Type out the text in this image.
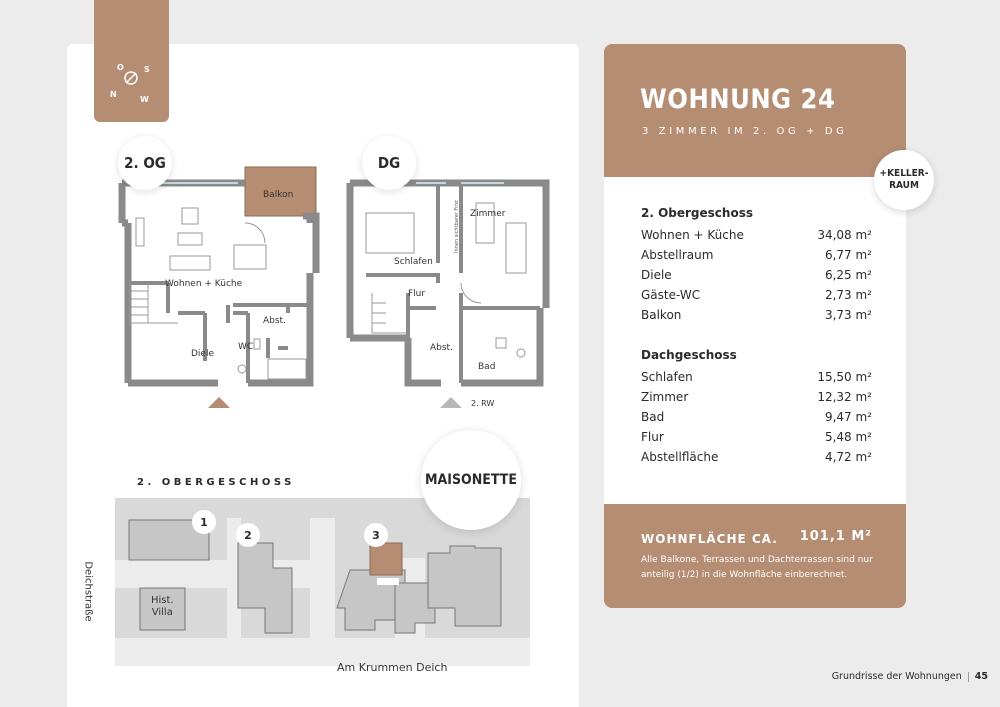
O	S
N
W
Balkon
Wohnen + Küche
Abst.
WC
Diele
2. OG
Schlafen
Zimmer
Flur
Abst.
Bad
Innen sichtbarer First
DG
2. RW
2. OBERGESCHOSS
1
2	3
Hist.
Villa
MAISONETTE
Am Krummen Deich
Deichstraße
WOHNUNG 24
3 ZIMMER IM 2. OG + DG
2. Obergeschoss
Wohnen + Küche	34,08 m²
Abstellraum	6,77 m²
Diele	6,25 m²
Gäste-WC	2,73 m²
Balkon	3,73 m²
Dachgeschoss
Schlafen	15,50 m²
Zimmer	12,32 m²
Bad	9,47 m²
Flur	5,48 m²
Abstellfläche	4,72 m²
WOHNFLÄCHE CA. 101,1 M²
Alle Balkone, Terrassen und Dachterrassen sind nur anteilig (1/2) in die Wohnfläche einberechnet.
+KELLER-
RAUM
Grundrisse der Wohnungen 45
